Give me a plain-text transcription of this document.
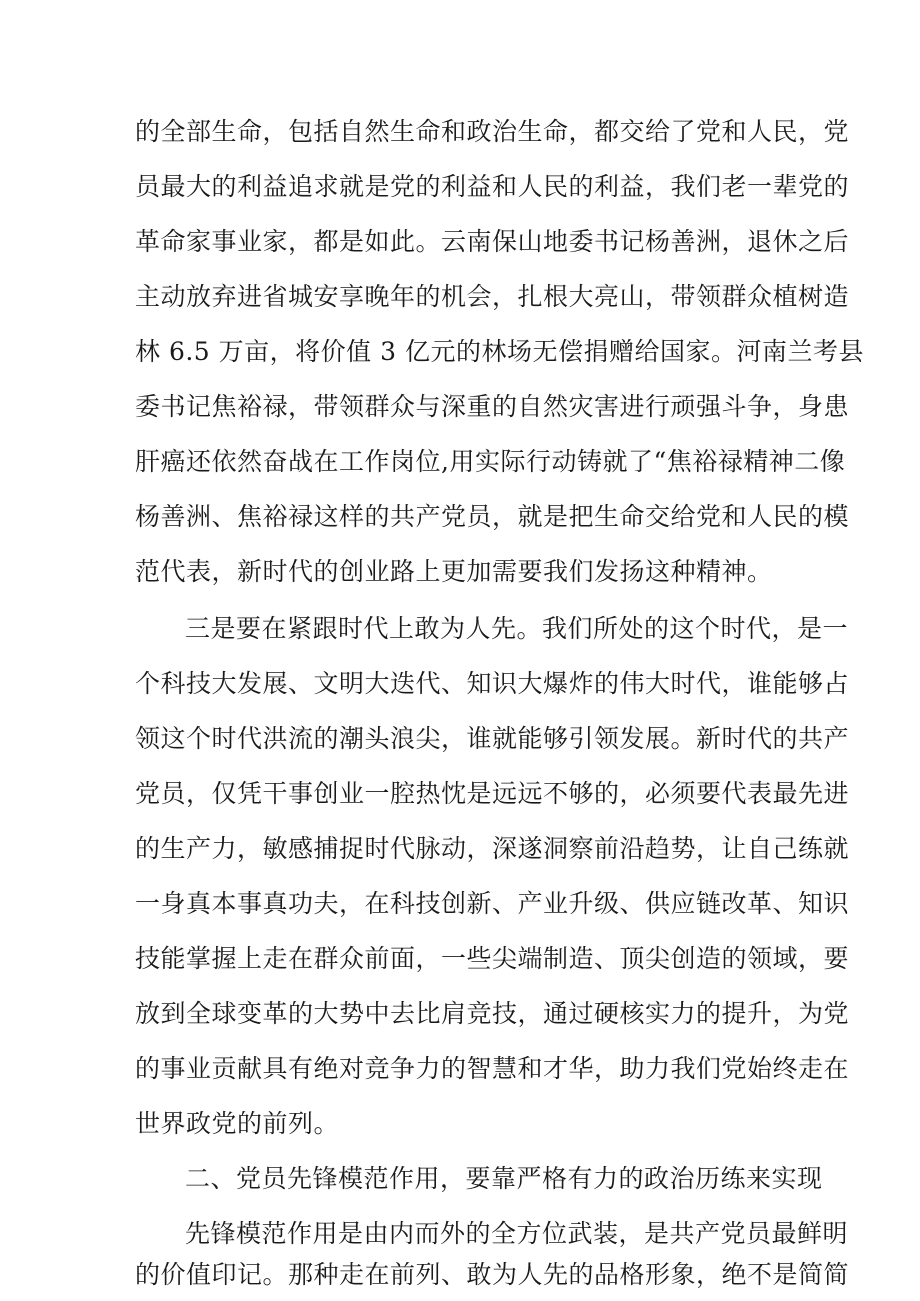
的全部生命，包括自然生命和政治生命，都交给了党和人民，党
员最大的利益追求就是党的利益和人民的利益，我们老一辈党的
革命家事业家，都是如此。云南保山地委书记杨善洲，退休之后
主动放弃进省城安享晚年的机会，扎根大亮山，带领群众植树造
林 6.5 万亩，将价值 3 亿元的林场无偿捐赠给国家。河南兰考县
委书记焦裕禄，带领群众与深重的自然灾害进行顽强斗争，身患
肝癌还依然奋战在工作岗位,用实际行动铸就了“焦裕禄精神二像
杨善洲、焦裕禄这样的共产党员，就是把生命交给党和人民的模
范代表，新时代的创业路上更加需要我们发扬这种精神。
三是要在紧跟时代上敢为人先。我们所处的这个时代，是一
个科技大发展、文明大迭代、知识大爆炸的伟大时代，谁能够占
领这个时代洪流的潮头浪尖，谁就能够引领发展。新时代的共产
党员，仅凭干事创业一腔热忱是远远不够的，必须要代表最先进
的生产力，敏感捕捉时代脉动，深遂洞察前沿趋势，让自己练就
一身真本事真功夫，在科技创新、产业升级、供应链改革、知识
技能掌握上走在群众前面，一些尖端制造、顶尖创造的领域，要
放到全球变革的大势中去比肩竞技，通过硬核实力的提升，为党
的事业贡献具有绝对竞争力的智慧和才华，助力我们党始终走在
世界政党的前列。
二、党员先锋模范作用，要靠严格有力的政治历练来实现
先锋模范作用是由内而外的全方位武装，是共产党员最鲜明
的价值印记。那种走在前列、敢为人先的品格形象，绝不是简简
